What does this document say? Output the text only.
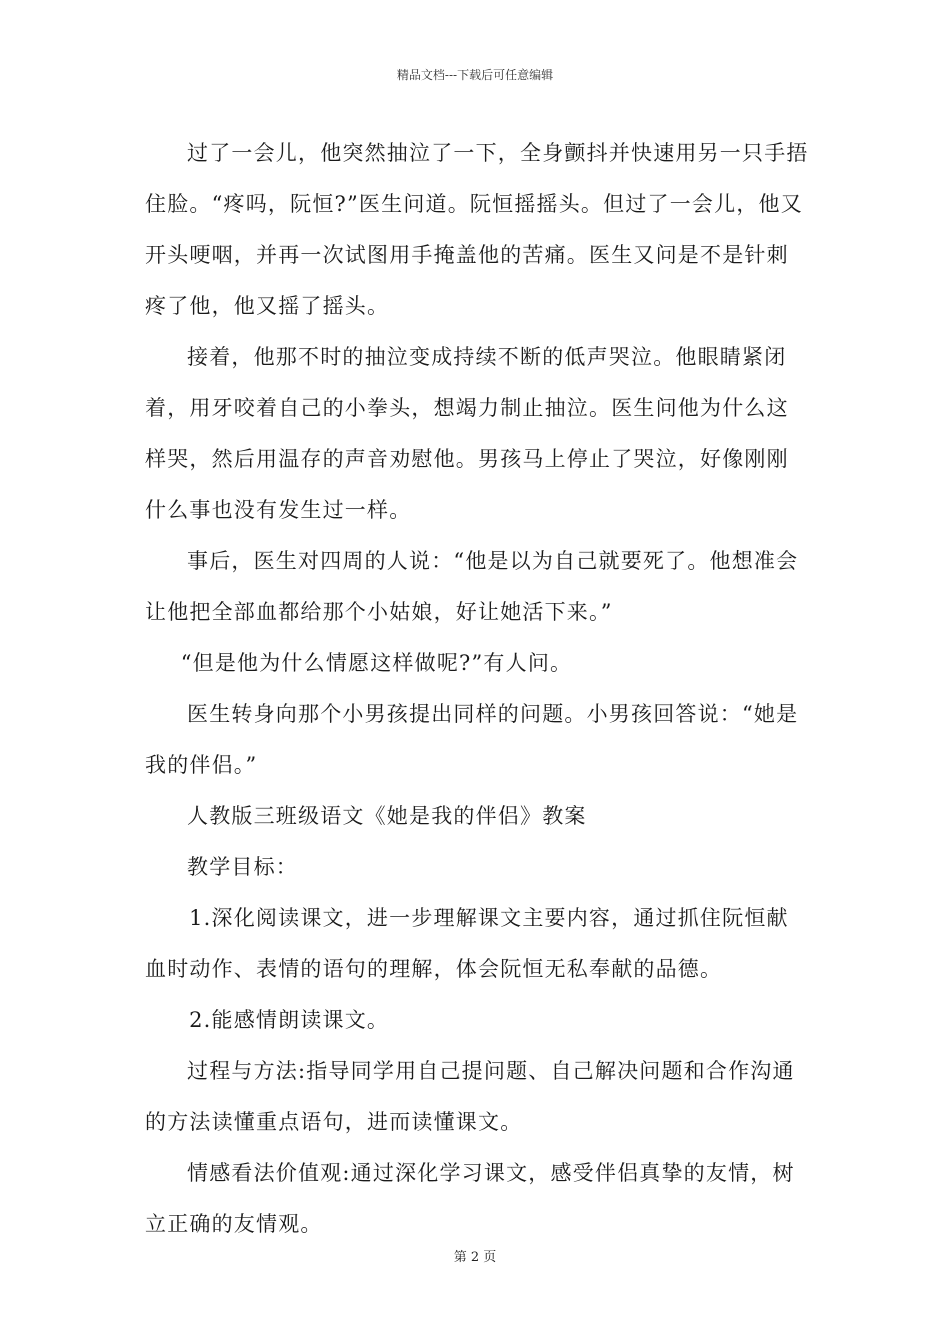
精品文档---下载后可任意编辑

过了一会儿，他突然抽泣了一下，全身颤抖并快速用另一只手捂住脸。“疼吗，阮恒?”医生问道。阮恒摇摇头。但过了一会儿，他又开头哽咽，并再一次试图用手掩盖他的苦痛。医生又问是不是针刺疼了他，他又摇了摇头。

接着，他那不时的抽泣变成持续不断的低声哭泣。他眼睛紧闭着，用牙咬着自己的小拳头，想竭力制止抽泣。医生问他为什么这样哭，然后用温存的声音劝慰他。男孩马上停止了哭泣，好像刚刚什么事也没有发生过一样。

事后，医生对四周的人说：“他是以为自己就要死了。他想准会让他把全部血都给那个小姑娘，好让她活下来。”

“但是他为什么情愿这样做呢?”有人问。

医生转身向那个小男孩提出同样的问题。小男孩回答说：“她是我的伴侣。”

人教版三班级语文《她是我的伴侣》教案

教学目标：

1.深化阅读课文，进一步理解课文主要内容，通过抓住阮恒献血时动作、表情的语句的理解，体会阮恒无私奉献的品德。

2.能感情朗读课文。

过程与方法:指导同学用自己提问题、自己解决问题和合作沟通的方法读懂重点语句，进而读懂课文。

情感看法价值观:通过深化学习课文，感受伴侣真挚的友情，树立正确的友情观。

第 2 页
